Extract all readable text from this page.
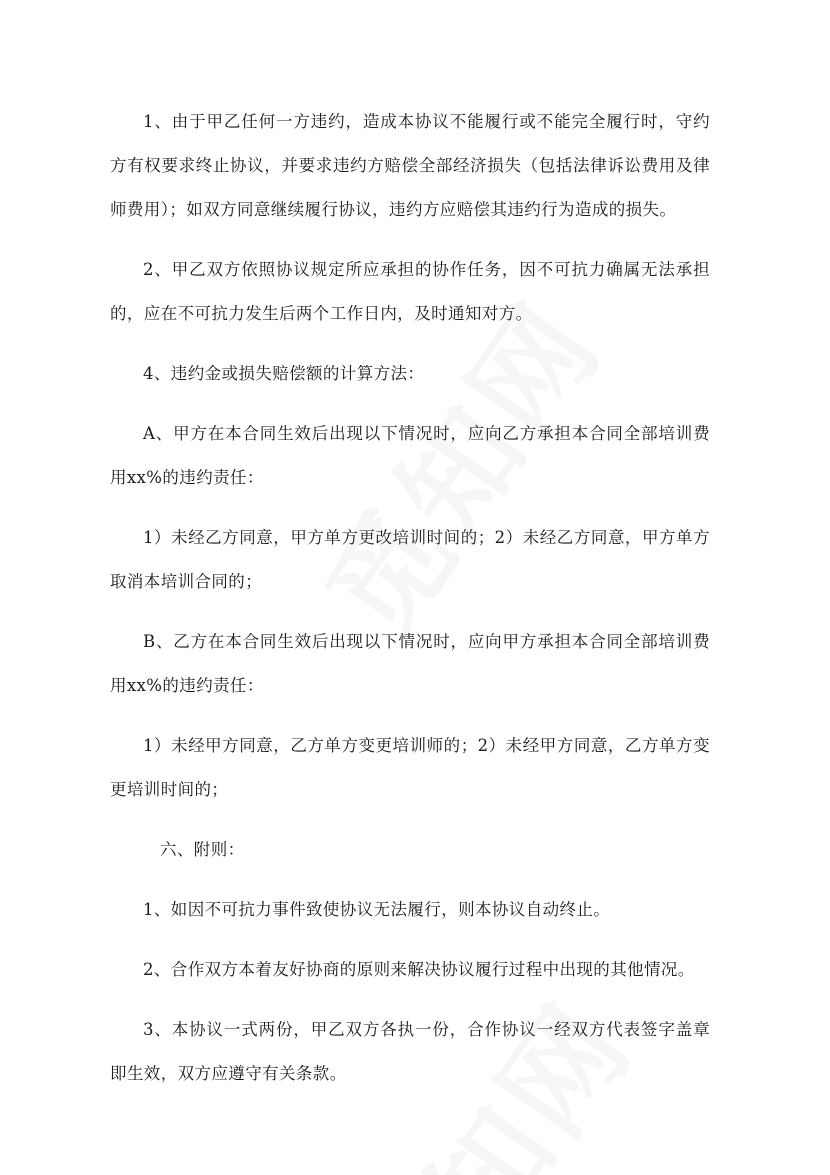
1、由于甲乙任何一方违约，造成本协议不能履行或不能完全履行时，守约方有权要求终止协议，并要求违约方赔偿全部经济损失（包括法律诉讼费用及律师费用）；如双方同意继续履行协议，违约方应赔偿其违约行为造成的损失。

2、甲乙双方依照协议规定所应承担的协作任务，因不可抗力确属无法承担的，应在不可抗力发生后两个工作日内，及时通知对方。

4、违约金或损失赔偿额的计算方法：

A、甲方在本合同生效后出现以下情况时，应向乙方承担本合同全部培训费用xx%的违约责任：

1）未经乙方同意，甲方单方更改培训时间的；2）未经乙方同意，甲方单方取消本培训合同的；

B、乙方在本合同生效后出现以下情况时，应向甲方承担本合同全部培训费用xx%的违约责任：

1）未经甲方同意，乙方单方变更培训师的；2）未经甲方同意，乙方单方变更培训时间的；

六、附则：

1、如因不可抗力事件致使协议无法履行，则本协议自动终止。

2、合作双方本着友好协商的原则来解决协议履行过程中出现的其他情况。

3、本协议一式两份，甲乙双方各执一份，合作协议一经双方代表签字盖章即生效，双方应遵守有关条款。
